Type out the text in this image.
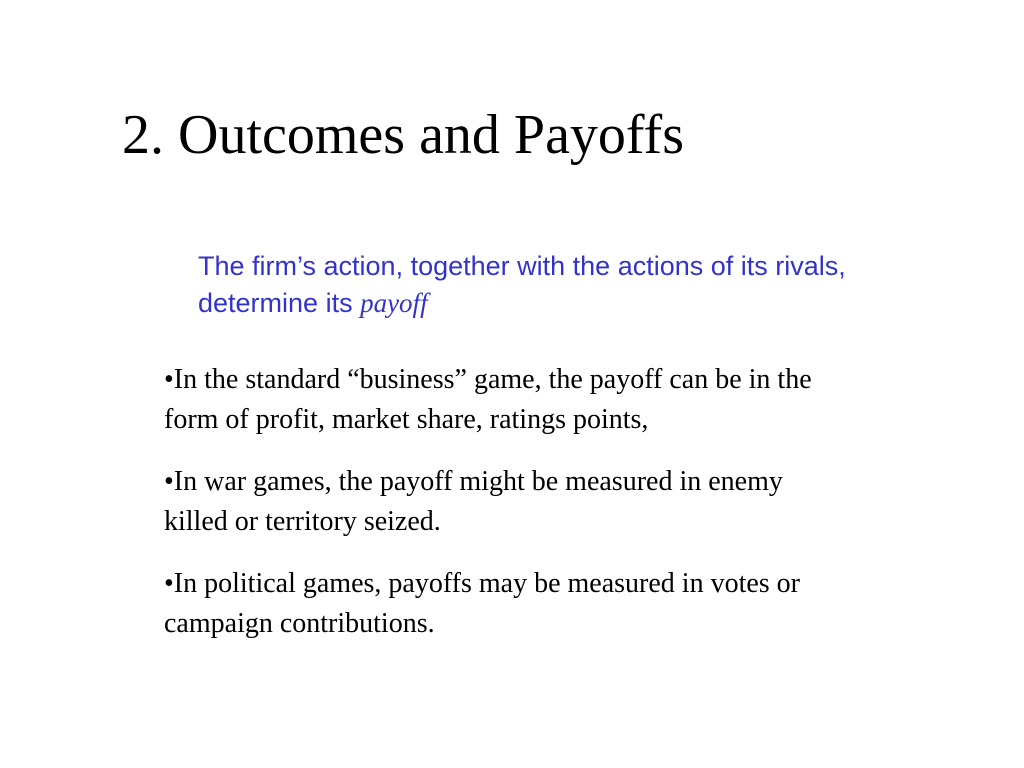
2. Outcomes and Payoffs

The firm’s action, together with the actions of its rivals, determine its payoff

•In the standard “business” game, the payoff can be in the form of profit, market share, ratings points,
•In war games, the payoff might be measured in enemy killed or territory seized.
•In political games, payoffs may be measured in votes or campaign contributions.
